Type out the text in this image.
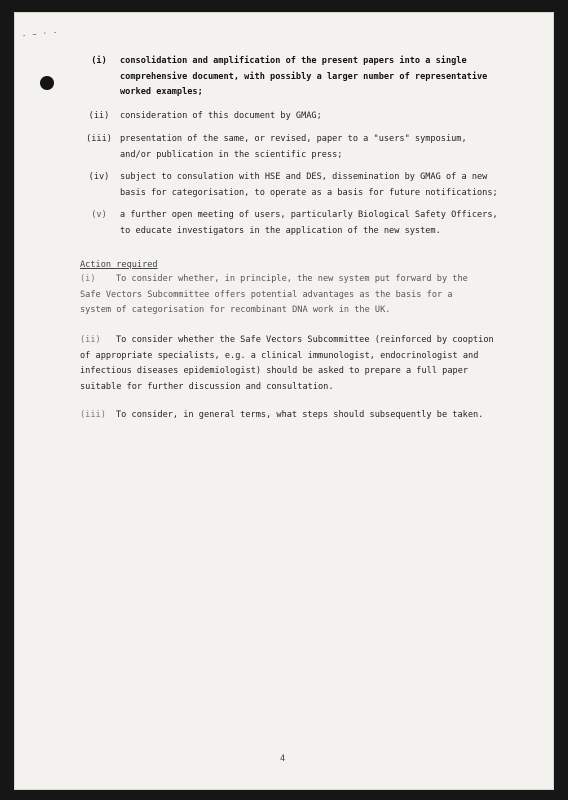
- ~ · -
(i)	consolidation and amplification of the present papers into a single
comprehensive document, with possibly a larger number of representative
worked examples;
(ii)	consideration of this document by GMAG;
(iii) presentation of the same, or revised, paper to a "users" symposium,
and/or publication in the scientific press;
(iv)	subject to consulation with HSE and DES, dissemination by GMAG of a new
basis for categorisation, to operate as a basis for future notifications;
(v)	a further open meeting of users, particularly Biological Safety Officers,
to educate investigators in the application of the new system.
Action required
(i) To consider whether, in principle, the new system put forward by the
Safe Vectors Subcommittee offers potential advantages as the basis for a
system of categorisation for recombinant DNA work in the UK.
(ii) To consider whether the Safe Vectors Subcommittee (reinforced by cooption
of appropriate specialists, e.g. a clinical immunologist, endocrinologist and
infectious diseases epidemiologist) should be asked to prepare a full paper
suitable for further discussion and consultation.
(iii) To consider, in general terms, what steps should subsequently be taken.
4
